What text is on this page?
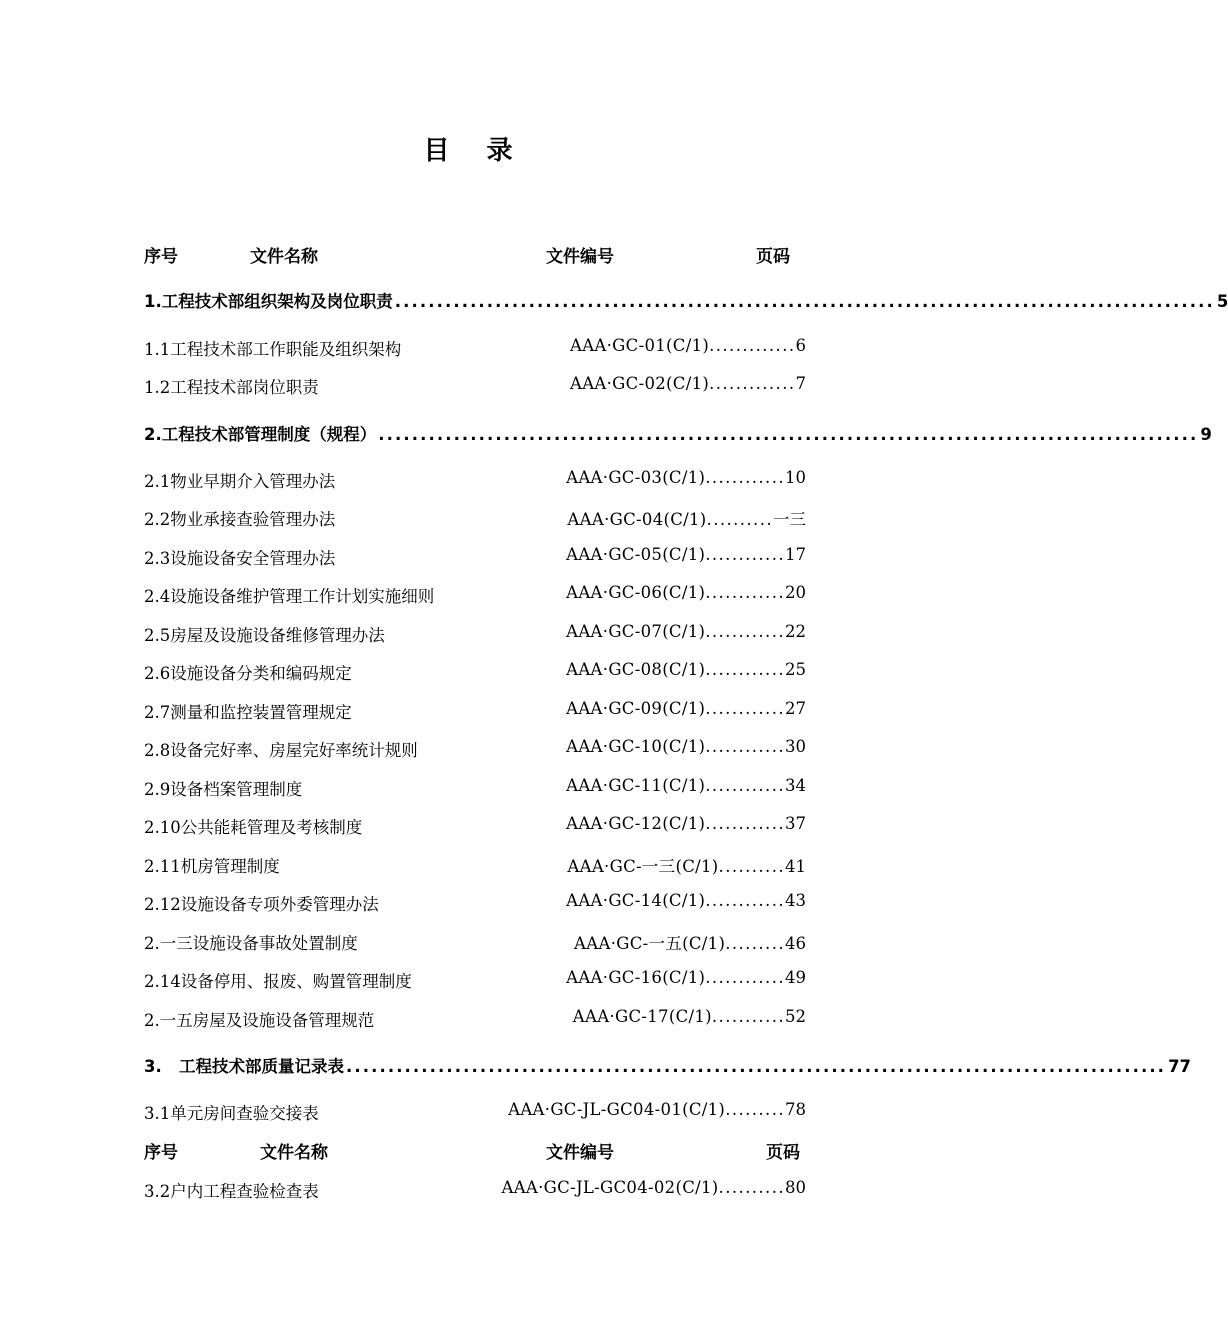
目 录
序号	文件名称	文件编号	页码
1.工程技术部组织架构及岗位职责 .................................................................................................. 5
1.1工程技术部工作职能及组织架构	AAA·GC-01(C/1) ............. 6
1.2工程技术部岗位职责	AAA·GC-02(C/1) ............. 7
2.工程技术部管理制度（规程） .................................................................................................. 9
2.1物业早期介入管理办法	AAA·GC-03(C/1) ............ 10
2.2物业承接查验管理办法	AAA·GC-04(C/1) .......... 一三
2.3设施设备安全管理办法	AAA·GC-05(C/1) ............ 17
2.4设施设备维护管理工作计划实施细则	AAA·GC-06(C/1) ............ 20
2.5房屋及设施设备维修管理办法	AAA·GC-07(C/1) ............ 22
2.6设施设备分类和编码规定	AAA·GC-08(C/1) ............ 25
2.7测量和监控装置管理规定	AAA·GC-09(C/1) ............ 27
2.8设备完好率、房屋完好率统计规则	AAA·GC-10(C/1) ............ 30
2.9设备档案管理制度	AAA·GC-11(C/1) ............ 34
2.10公共能耗管理及考核制度	AAA·GC-12(C/1) ............ 37
2.11机房管理制度	AAA·GC-一三(C/1) .......... 41
2.12设施设备专项外委管理办法	AAA·GC-14(C/1) ............ 43
2.一三设施设备事故处置制度	AAA·GC-一五(C/1) ......... 46
2.14设备停用、报废、购置管理制度	AAA·GC-16(C/1) ............ 49
2.一五房屋及设施设备管理规范	AAA·GC-17(C/1) ........... 52
3.   工程技术部质量记录表 .................................................................................................. 77
3.1单元房间查验交接表	AAA·GC-JL-GC04-01(C/1) ......... 78
序号	文件名称	文件编号	页码
3.2户内工程查验检查表	AAA·GC-JL-GC04-02(C/1) .......... 80
